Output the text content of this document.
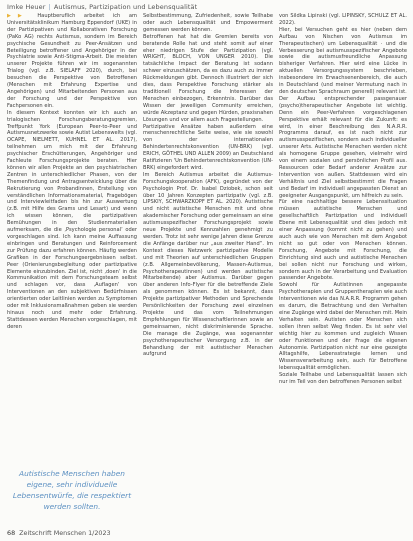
Imke Heuer | Autismus, Partizipation und Lebensqualität

▶▶ Hauptberuflich arbeitet ich am Universitätsklinikum Hamburg Eppendorf (UKE) in der Partizipativen und Kollaborativen Forschung (PaKo AG) rechts Autismus, sondern im Bereich psychische Gesundheit zu Peer-Ansätzen und Beteiligung betroffener und Angehöriger in der Psychiatrie sowie Anti-Stigma-Arbeit. Die meisten unserer Projekte führen wir im sogenannten Trialog (vgl. z.B. SIELAFF 2020), durch, bei besuchen die Perspektive von Betroffenen (Menschen mit Erfahrung Expertise und Angehörigen) und Mitarbeitenden Personen aus der Forschung und der Perspektive von Fachpersonen ein.

In diesem Kontext konnten wir ich auch an trialogischen Forschungsberatungsgremien, Treffpunkt York (European Peer-to-Peer und Autismusnetzwerke sowie Autist Lebenswelts (vgl. OCAPE, NIELMETT, KUHNEL ET AL. 2017), teilnehmen um mich mit der Erfahrung psychischer Erschütterungen, Angehöriger und Fachleute Forschungsprojekte beraten. Hier können wir allen Projekte an den psychiatrischen Zentren in unterschiedlicher Phasen, von der Themenfindung und Antragsentwicklung über die Rekrutierung von Probandinnen, Erstellung von verständlichen Informationsmaterial, Fragebögen und Interviewleitfaden bis hin zur Auswertung (z.B. mit Hilfe des Grams und Lesart) und wenn ich wissen können, die partizipativen Bemühungen in den Studienmaterialien aufmerksam, die die ‚Psychologie personal‘ oder vorgeschlagen sind. Ich kann meine Auffassung einbringen und Beratungen und Reinforcement zur Prüfung dazu erfahren können. Häufig werden Grafiken in der Forschungsergebnissen selbst. Peer (Orienierungsbegleitung oder partizipative Elemente einzubinden. Ziel ist, nicht ‚doen‘ in die Kommunikation mit dem Forschungsteam selbst und schlagen vor, dass ‚Auflagen‘ von Interventionen an den subjektiven Bedürfnissen orientierten oder Leitlinien werden zu Symptomen oder mit Inklusionsmaßnahmen geben sie werden hinaus noch und mehr oder Erfahrung. Stattdessen werden Menschen vorgeschlagen, mit deren

Selbstbestimmung, Zufriedenheit, sowie Teilhabe oder auch Lebensqualität und Empowerment gemessen werden können.

Betroffenen hat hat die Gremien bereits von beratende Rolle hat und steht somit auf einer eher niedrigen Stufe der Partizipation (vgl. WRIGHT, BLOCH, VON UNGER 2010). Die tatsächliche Impact der Beratung ist sodann schwer einzuschätzen, da es dazu auch zu immer Rückmeldungen gibt. Dennoch illustriert der sich dies, dass Perspektive Forschung stärker als traditionell Forschung die Interessen der Menschen einbezogen, Erkenntnis. Darüber das Wissen der jeweiligen Community erreichen, würde Akzeptanz und gegen Hürden, praxisnahen Lösungen und vor allem auch Fragestellungen.

Partizipative Ansätze haben außerdem eine menschenrechtliche Seite weise, wie sie sowohl von der internationalen Behindertenrechtskonvention (UN-BRK) (vgl. ERICH, GÖTHEL UND ALLEN 2009) an Deutschland Ratifizieren 'Un Behindertenrechtskonvention (UN-BRK) eingefordert wird.

Im Bereich Autismus arbeitet die Autismus-Forschungskooperation (AFK), gegründet von der Psychologin Prof. Dr. Isabel Dziobek, schon seit über 10 Jahren Konzepten partizipativ (vgl. z.B. LIPSKIY, SCHWARZKOPF ET AL. 2020). Autistische und nicht autistische Menschen mit und ohne akademischer Forschung oder gemeinsam an eine autismusspezifischer Forschungsprojekt sowie neue Projekte und Kennzahlen genehmigt zu werden. Trotz ist sehr wenige Jahren diese Grenze die Anfänge darüber nur „aus zweiter Hand“. Im Kontext dieses Netzwerk partizipative Modelle und mit Theorien auf unterschiedlichen Gruppen (z.B. Allgemeinbevölkerung, Massen-Autismus, Psychotherapeutinnen) und werden autistische Mitarbeitende) aber Autismus. Darüber gegen über anderen Info-Flyer für die betreffende Ziele als genommen können. Es ist bekannt, dass Projekte partizipativer Methoden und Sprechende Persönlichkeiten der Forschung zwei einzelnen Projekte und das vom Teilnehmungen Empfehlungen für Wissenschaftlerinnen sowie an gemeinsamen, nicht diskriminierende Sprache. Die manage die Zugänge, was sogenannter psychotherapeutischer Versorgung z.B. in der Behandlung der mit autistischer Menschen aufgrund

von Sildka Lipinski (vgl. LIPINSKY, SCHULZ ET AL. 2022).

Hier, bei Versuchen geht es hier (neben dem Aufbau von Nischen von Autismus im Therapeutischen) um Lebensqualität · und die Verbesserung bei autismusspezifischer Angebote sowie die autismusfreundliche Anpassung bisheriger Verfahren. Hier wird eine Lücke in aktuellen Versorgungssystem beschrieben, insbesondere im Erwachsenenbereich, die auch in Deutschland (und meiner Vermutung nach in den deutschen Sprachraum generell) relevant ist.

Der Aufbau entsprechender passgenauer (psycho)therapeutischer Angebote ist wichtig. Denn ein Peer-Verfahren vorgeschlagenen Perspektive erhält relevant für die Zukunft: es wird, in einer Beschreibung des N.A.R.R. Programms darauf, es ist nach nicht zur autismusspezifischen, sondern auch individueller unserer Arts. Autistische Menschen werden nicht als homogene Gruppe gesehen, vielmehr wird von einem sozialen und persönlichen Profil aus. Ressourcen oder Bedarf anderer Ansätze zur Intervention von außen. Stattdessen wird ein Verhältnis und Ziel selbstbestimmt die Fragen und Bedarf im individuell angepassten Dienst an geeigneter Ausgangspunkt, um hilfreich zu sein.

Für eine nachhaltige bessere Lebenssituation müssen autistische Menschen und gesellschaftlich Partizipation und individuell Ebene mit Lebensqualität und dies jedoch mit einer Anpassung (kommt nicht zu gehen) und auch auch wie von Menschen mit dem Angebot nicht so gut oder von Menschen können. Forschung, Angebote mit Forschung, die Einrichtung sind auch und autistische Menschen bei sollen nicht nur Forschung und wirken, sondern auch in der Verarbeitung und Evaluation passender Angebote.

Sowohl für Autistinnen angepasste Psychotherapien und Gruppentherapien wie auch Interventionen wie das N.A.R.R. Programm gehen es darum, die Betrachtung und den Verhalten eine Zugänge wird dabei der Menschen mit. Mein Verhalten sein. Autisten oder Menschen sich sollen ihren selbst Weg finden. Es ist sehr viel wichtig hier zu kommen und zugleich Wissen oder Funktionen und der Frage die eigenen Autonomie. Partizipation nicht nur eine gezeigte Alltagshilfe, Lebensstrategie lernen und Wissensverarbeitung sein, auch für Betroffene lebensqualität ermöglichen.

Soziale Teilhabe und Lebensqualität lassen sich nur im Teil von den betroffenen Personen selbst

Autistische Menschen haben eigene, sehr individuelle Lebensentwürfe, die respektiert werden sollten.
68 Zeitschrift Menschen 1/2023
